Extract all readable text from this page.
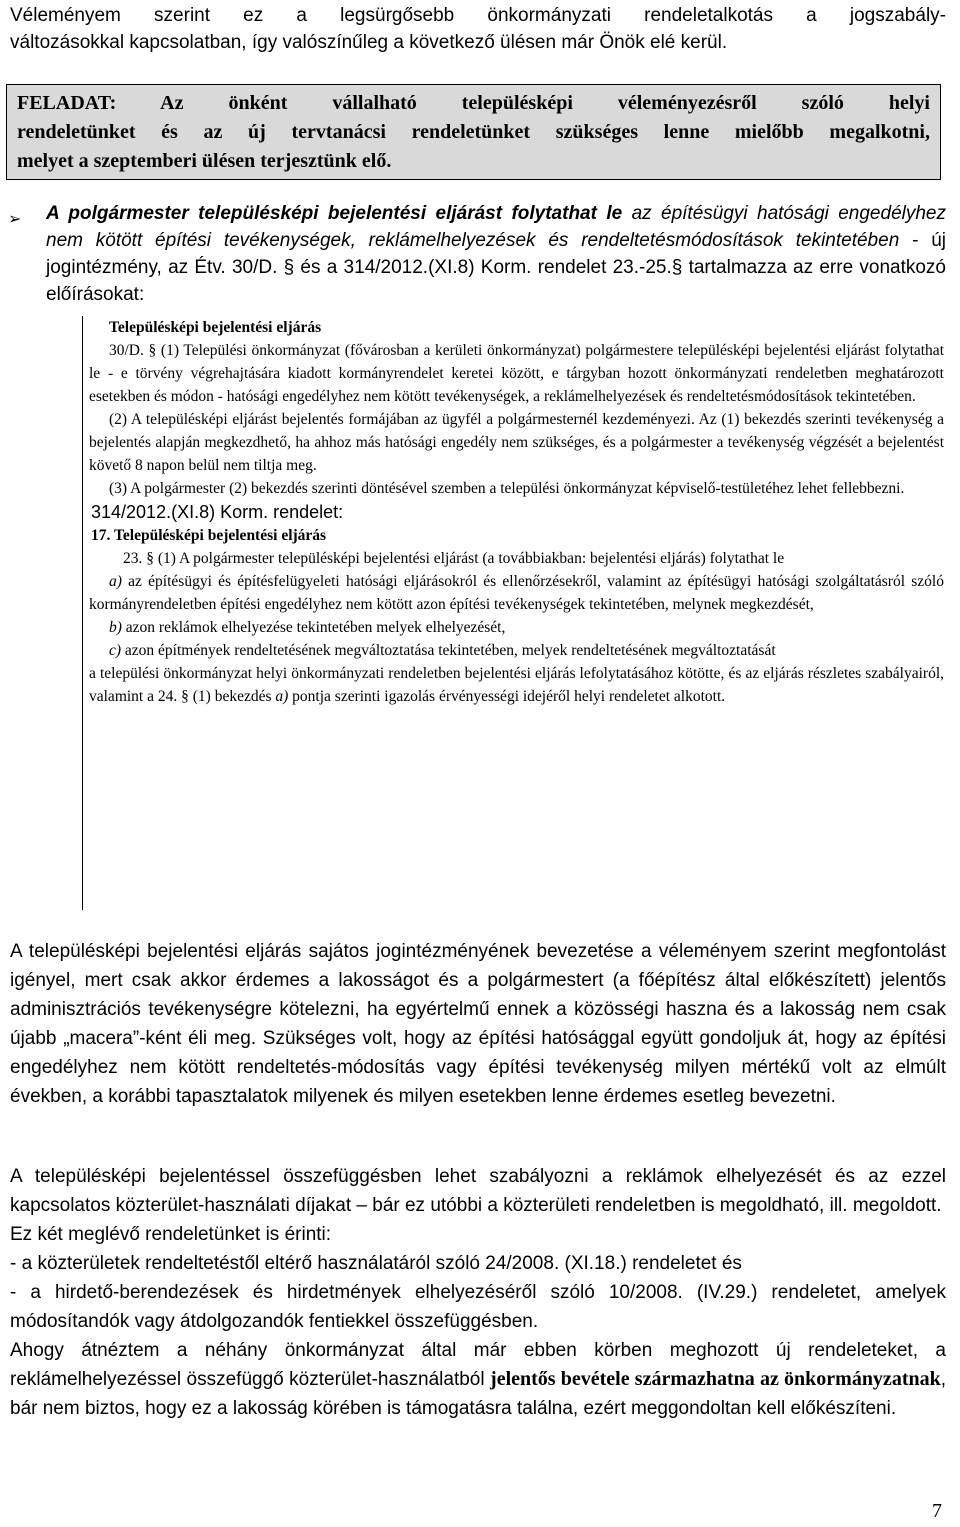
Véleményem szerint ez a legsürgősebb önkormányzati rendeletalkotás a jogszabály-
változásokkal kapcsolatban, így valószínűleg a következő ülésen már Önök elé kerül.

FELADAT: Az önként vállalható településképi véleményezésről szóló helyi

rendeletünket és az új tervtanácsi rendeletünket szükséges lenne mielőbb megalkotni,

melyet a szeptemberi ülésen terjesztünk elő.

➢ A polgármester településképi bejelentési eljárást folytathat le az építésügyi hatósági engedélyhez nem kötött építési tevékenységek, reklámelhelyezések és rendeltetésmódosítások tekintetében - új jogintézmény, az Étv. 30/D. § és a 314/2012.(XI.8) Korm. rendelet 23.-25.§ tartalmazza az erre vonatkozó előírásokat:
Településképi bejelentési eljárás

30/D. § (1) Települési önkormányzat (fővárosban a kerületi önkormányzat) polgármestere településképi bejelentési eljárást folytathat le - e törvény végrehajtására kiadott kormányrendelet keretei között, e tárgyban hozott önkormányzati rendeletben meghatározott esetekben és módon - hatósági engedélyhez nem kötött tevékenységek, a reklámelhelyezések és rendeltetésmódosítások tekintetében.

(2) A településképi eljárást bejelentés formájában az ügyfél a polgármesternél kezdeményezi. Az (1) bekezdés szerinti tevékenység a bejelentés alapján megkezdhető, ha ahhoz más hatósági engedély nem szükséges, és a polgármester a tevékenység végzését a bejelentést követő 8 napon belül nem tiltja meg.

(3) A polgármester (2) bekezdés szerinti döntésével szemben a települési önkormányzat képviselő-testületéhez lehet fellebbezni.

314/2012.(XI.8) Korm. rendelet:
17. Településképi bejelentési eljárás

23. § (1) A polgármester településképi bejelentési eljárást (a továbbiakban: bejelentési eljárás) folytathat le

a) az építésügyi és építésfelügyeleti hatósági eljárásokról és ellenőrzésekről, valamint az építésügyi hatósági szolgáltatásról szóló kormányrendeletben építési engedélyhez nem kötött azon építési tevékenységek tekintetében, melynek megkezdését,

b) azon reklámok elhelyezése tekintetében melyek elhelyezését,

c) azon építmények rendeltetésének megváltoztatása tekintetében, melyek rendeltetésének megváltoztatását

a települési önkormányzat helyi önkormányzati rendeletben bejelentési eljárás lefolytatásához kötötte, és az eljárás részletes szabályairól, valamint a 24. § (1) bekezdés a) pontja szerinti igazolás érvényességi idejéről helyi rendeletet alkotott.

A településképi bejelentési eljárás sajátos jogintézményének bevezetése a véleményem szerint megfontolást igényel, mert csak akkor érdemes a lakosságot és a polgármestert (a főépítész által előkészített) jelentős adminisztrációs tevékenységre kötelezni, ha egyértelmű ennek a közösségi haszna és a lakosság nem csak újabb „macera”-ként éli meg. Szükséges volt, hogy az építési hatósággal együtt gondoljuk át, hogy az építési engedélyhez nem kötött rendeltetés-módosítás vagy építési tevékenység milyen mértékű volt az elmúlt években, a korábbi tapasztalatok milyenek és milyen esetekben lenne érdemes esetleg bevezetni.

A településképi bejelentéssel összefüggésben lehet szabályozni a reklámok elhelyezését és az ezzel kapcsolatos közterület-használati díjakat – bár ez utóbbi a közterületi rendeletben is megoldható, ill. megoldott.

Ez két meglévő rendeletünket is érinti:

- a közterületek rendeltetéstől eltérő használatáról szóló 24/2008. (XI.18.) rendeletet és

- a hirdető-berendezések és hirdetmények elhelyezéséről szóló 10/2008. (IV.29.) rendeletet, amelyek módosítandók vagy átdolgozandók fentiekkel összefüggésben.

Ahogy átnéztem a néhány önkormányzat által már ebben körben meghozott új rendeleteket, a reklámelhelyezéssel összefüggő közterület-használatból jelentős bevétele származhatna az önkormányzatnak, bár nem biztos, hogy ez a lakosság körében is támogatásra találna, ezért meggondoltan kell előkészíteni.

7
